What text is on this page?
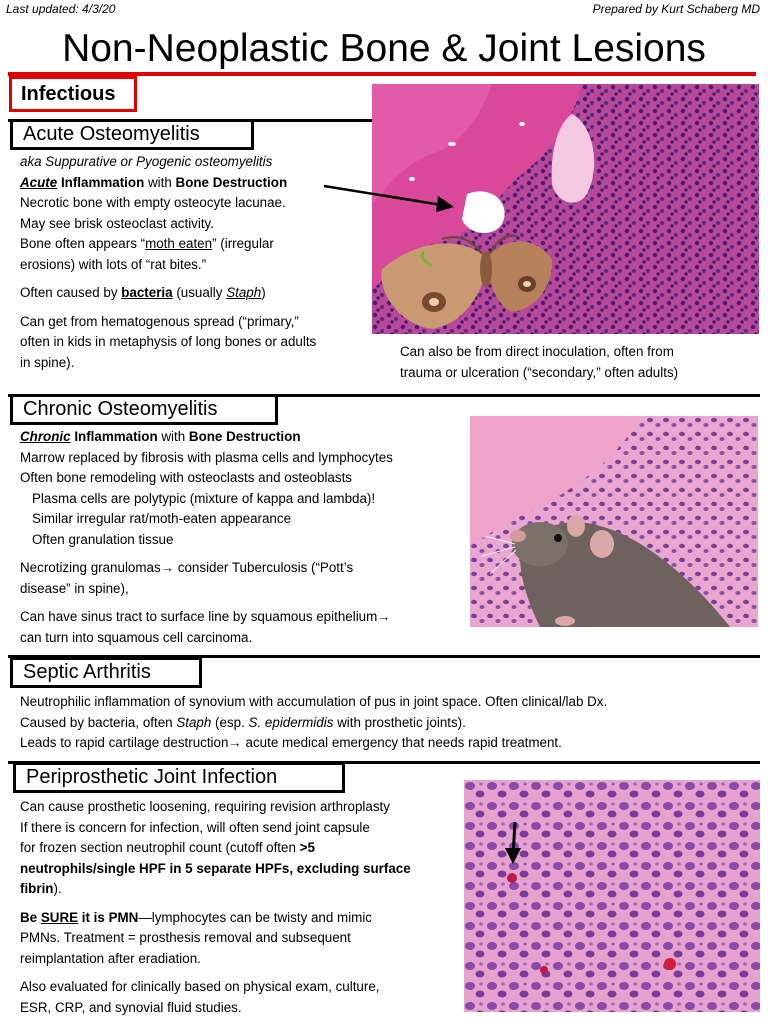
Last updated: 4/3/20	Prepared by Kurt Schaberg MD
Non-Neoplastic Bone & Joint Lesions
Infectious
Acute Osteomyelitis

aka Suppurative or Pyogenic osteomyelitis

Acute Inflammation with Bone Destruction

Necrotic bone with empty osteocyte lacunae.

May see brisk osteoclast activity.

Bone often appears “moth eaten” (irregular

erosions) with lots of “rat bites.”

Often caused by bacteria (usually Staph)

Can get from hematogenous spread (“primary,”

often in kids in metaphysis of long bones or adults

in spine).

Can also be from direct inoculation, often from

trauma or ulceration (“secondary,” often adults)

Chronic Osteomyelitis

Chronic Inflammation with Bone Destruction

Marrow replaced by fibrosis with plasma cells and lymphocytes

Often bone remodeling with osteoclasts and osteoblasts

Plasma cells are polytypic (mixture of kappa and lambda)!

Similar irregular rat/moth-eaten appearance

Often granulation tissue

Necrotizing granulomas→ consider Tuberculosis (“Pott’s

disease” in spine),

Can have sinus tract to surface line by squamous epithelium→

can turn into squamous cell carcinoma.

Septic Arthritis

Neutrophilic inflammation of synovium with accumulation of pus in joint space. Often clinical/lab Dx.

Caused by bacteria, often Staph (esp. S. epidermidis with prosthetic joints).

Leads to rapid cartilage destruction→ acute medical emergency that needs rapid treatment.

Periprosthetic Joint Infection

Can cause prosthetic loosening, requiring revision arthroplasty

If there is concern for infection, will often send joint capsule

for frozen section neutrophil count (cutoff often >5

neutrophils/single HPF in 5 separate HPFs, excluding surface

fibrin).

Be SURE it is PMN—lymphocytes can be twisty and mimic

PMNs. Treatment = prosthesis removal and subsequent

reimplantation after eradiation.

Also evaluated for clinically based on physical exam, culture,

ESR, CRP, and synovial fluid studies.
